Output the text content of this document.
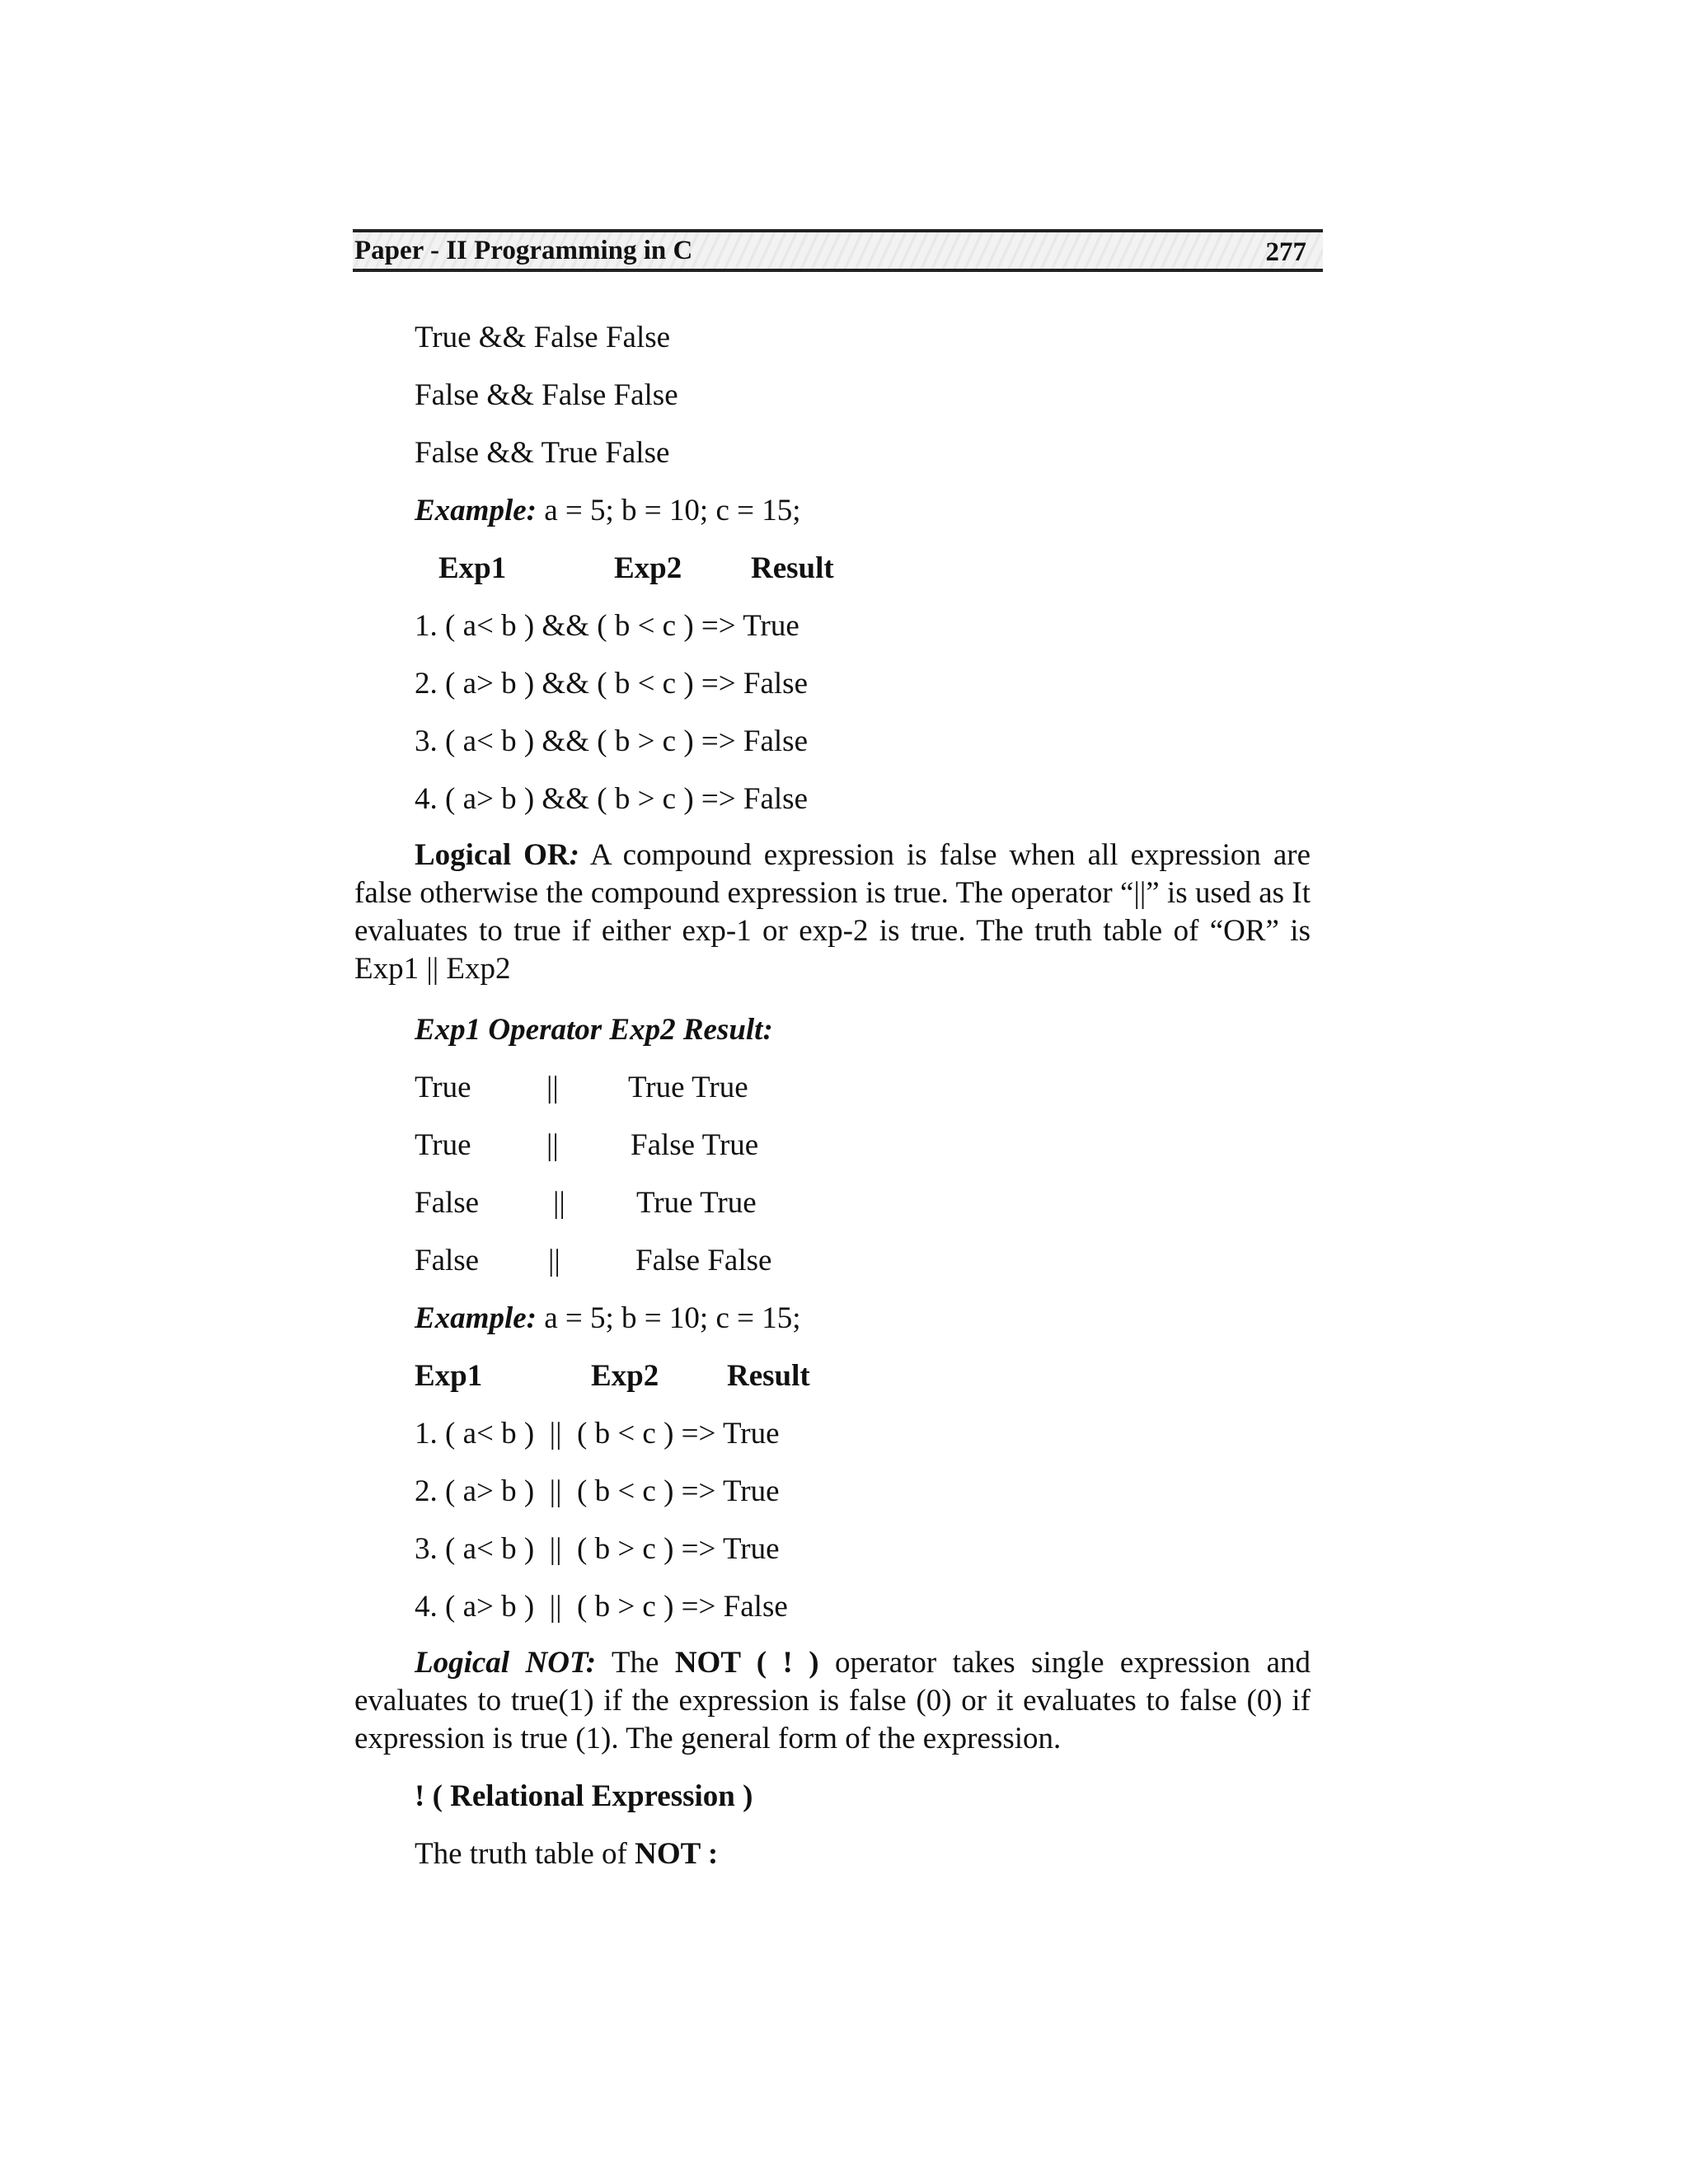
Paper - II Programming in C	277
True && False False
False && False False
False && True False
Example: a = 5; b = 10; c = 15;
Exp1	Exp2 Result
1. ( a< b ) && ( b < c ) => True
2. ( a> b ) && ( b < c ) => False
3. ( a< b ) && ( b > c ) => False
4. ( a> b ) && ( b > c ) => False
Logical OR: A compound expression is false when all expression are false otherwise the compound expression is true. The operator “||” is used as It evaluates to true if either exp-1 or exp-2 is true. The truth table of “OR” is Exp1 || Exp2
Exp1 Operator Exp2 Result:
True || True True
True || False True
False || True True
False || False False
Example: a = 5; b = 10; c = 15;
Exp1	Exp2 Result
1. ( a< b )  ||  ( b < c ) => True
2. ( a> b )  ||  ( b < c ) => True
3. ( a< b )  ||  ( b > c ) => True
4. ( a> b )  ||  ( b > c ) => False
Logical NOT: The NOT ( ! ) operator takes single expression and evaluates to true(1) if the expression is false (0) or it evaluates to false (0) if expression is true (1). The general form of the expression.
! ( Relational Expression )
The truth table of NOT :
